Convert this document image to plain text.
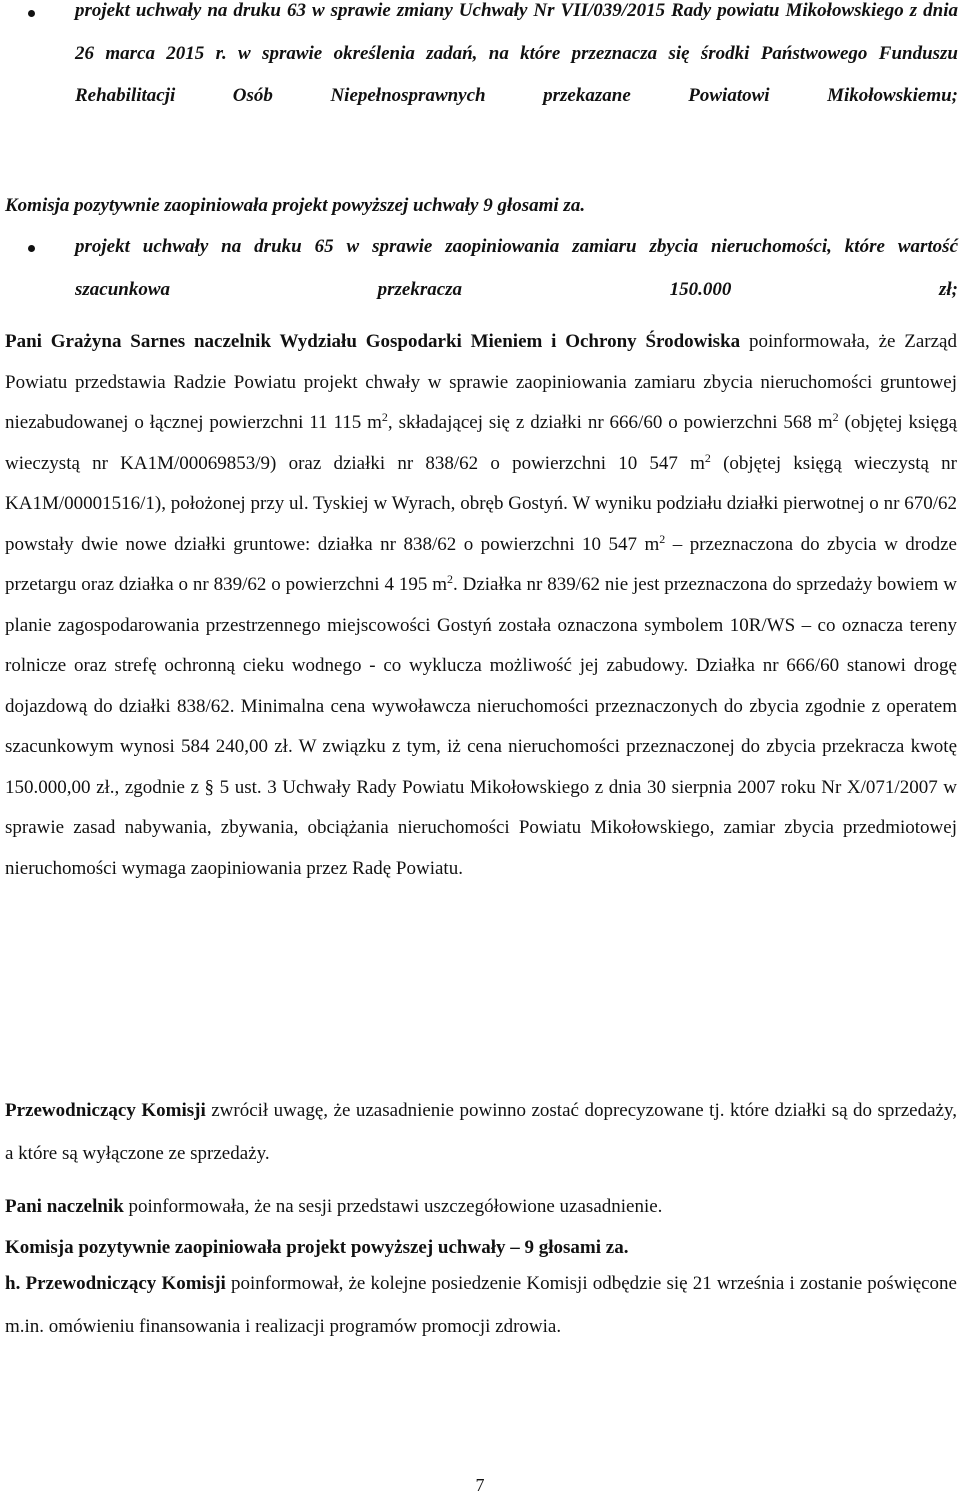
projekt uchwały na druku 63 w sprawie zmiany Uchwały Nr VII/039/2015 Rady powiatu Mikołowskiego z dnia 26 marca 2015 r. w sprawie określenia zadań, na które przeznacza się środki Państwowego Funduszu Rehabilitacji Osób Niepełnosprawnych przekazane Powiatowi Mikołowskiemu;

Komisja pozytywnie zaopiniowała projekt powyższej uchwały 9 głosami za.

projekt uchwały na druku 65 w sprawie zaopiniowania zamiaru zbycia nieruchomości, które wartość szacunkowa przekracza 150.000 zł;

Pani Grażyna Sarnes naczelnik Wydziału Gospodarki Mieniem i Ochrony Środowiska poinformowała, że Zarząd Powiatu przedstawia Radzie Powiatu projekt chwały w sprawie zaopiniowania zamiaru zbycia nieruchomości gruntowej niezabudowanej o łącznej powierzchni 11 115 $m^2$, składającej się z działki nr 666/60 o powierzchni 568 $m^2$ (objętej księgą wieczystą nr KA1M/00069853/9) oraz działki nr 838/62 o powierzchni 10 547 $m^2$ (objętej księgą wieczystą nr KA1M/00001516/1), położonej przy ul. Tyskiej w Wyrach, obręb Gostyń. W wyniku podziału działki pierwotnej o nr 670/62 powstały dwie nowe działki gruntowe: działka nr 838/62 o powierzchni 10 547 $m^2$ – przeznaczona do zbycia w drodze przetargu oraz działka o nr 839/62 o powierzchni 4 195 $m^2$. Działka nr 839/62 nie jest przeznaczona do sprzedaży bowiem w planie zagospodarowania przestrzennego miejscowości Gostyń została oznaczona symbolem 10R/WS – co oznacza tereny rolnicze oraz strefę ochronną cieku wodnego - co wyklucza możliwość jej zabudowy. Działka nr 666/60 stanowi drogę dojazdową do działki 838/62. Minimalna cena wywoławcza nieruchomości przeznaczonych do zbycia zgodnie z operatem szacunkowym wynosi 584 240,00 zł. W związku z tym, iż cena nieruchomości przeznaczonej do zbycia przekracza kwotę 150.000,00 zł., zgodnie z § 5 ust. 3 Uchwały Rady Powiatu Mikołowskiego z dnia 30 sierpnia 2007 roku Nr X/071/2007 w sprawie zasad nabywania, zbywania, obciążania nieruchomości Powiatu Mikołowskiego, zamiar zbycia przedmiotowej nieruchomości wymaga zaopiniowania przez Radę Powiatu.

Przewodniczący Komisji zwrócił uwagę, że uzasadnienie powinno zostać doprecyzowane tj. które działki są do sprzedaży, a które są wyłączone ze sprzedaży.

Pani naczelnik poinformowała, że na sesji przedstawi uszczegółowione uzasadnienie.

Komisja pozytywnie zaopiniowała projekt powyższej uchwały – 9 głosami za.

h. Przewodniczący Komisji poinformował, że kolejne posiedzenie Komisji odbędzie się 21 września i zostanie poświęcone m.in. omówieniu finansowania i realizacji programów promocji zdrowia.

7
